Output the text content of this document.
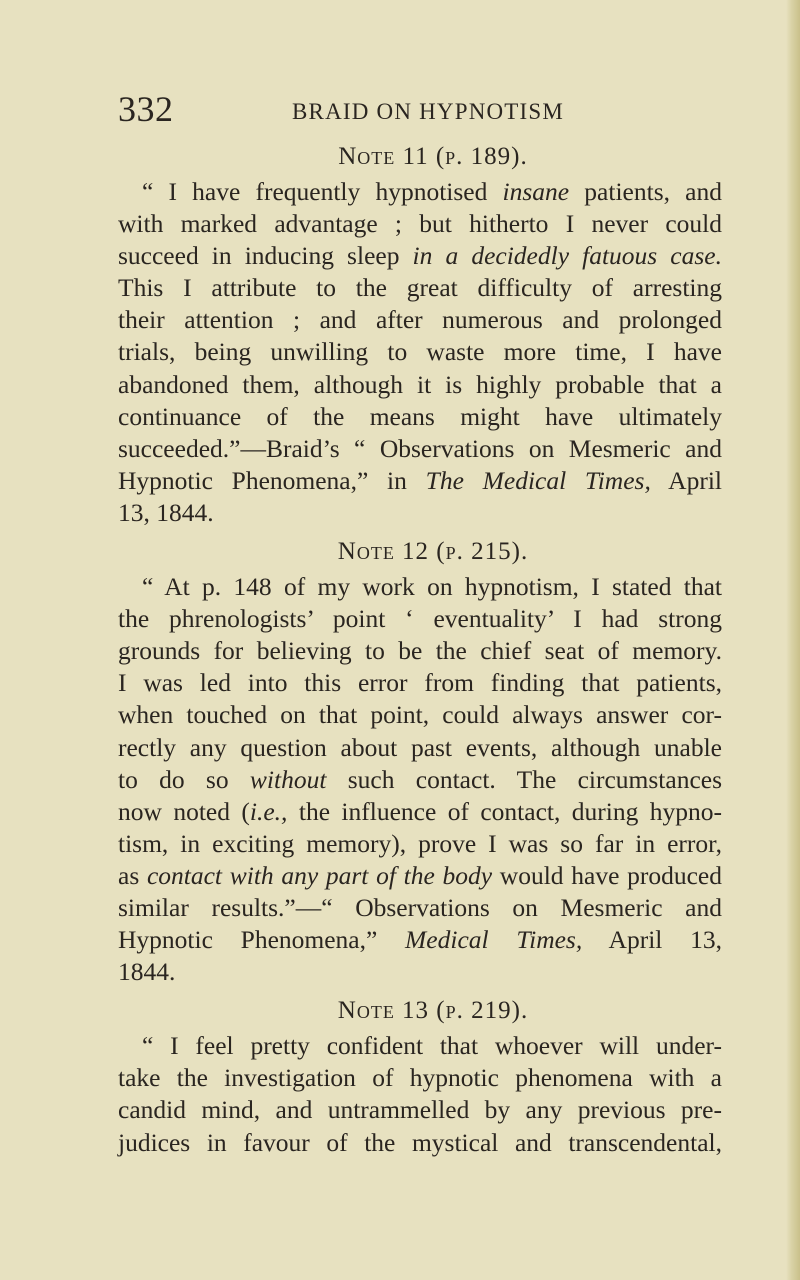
332	BRAID ON HYPNOTISM

Note 11 (p. 189).

“ I have frequently hypnotised insane patients, and
with marked advantage ; but hitherto I never could
succeed in inducing sleep in a decidedly fatuous case.
This I attribute to the great difficulty of arresting
their attention ; and after numerous and prolonged
trials, being unwilling to waste more time, I have
abandoned them, although it is highly probable that a
continuance of the means might have ultimately
succeeded.”—Braid’s “ Observations on Mesmeric and
Hypnotic Phenomena,” in The Medical Times, April
13, 1844.

Note 12 (p. 215).

“ At p. 148 of my work on hypnotism, I stated that
the phrenologists’ point ‘ eventuality’ I had strong
grounds for believing to be the chief seat of memory.
I was led into this error from finding that patients,
when touched on that point, could always answer cor-
rectly any question about past events, although unable
to do so without such contact. The circumstances
now noted (i.e., the influence of contact, during hypno-
tism, in exciting memory), prove I was so far in error,
as contact with any part of the body would have produced
similar results.”—“ Observations on Mesmeric and
Hypnotic Phenomena,” Medical Times, April 13,
1844.

Note 13 (p. 219).

“ I feel pretty confident that whoever will under-
take the investigation of hypnotic phenomena with a
candid mind, and untrammelled by any previous pre-
judices in favour of the mystical and transcendental,
